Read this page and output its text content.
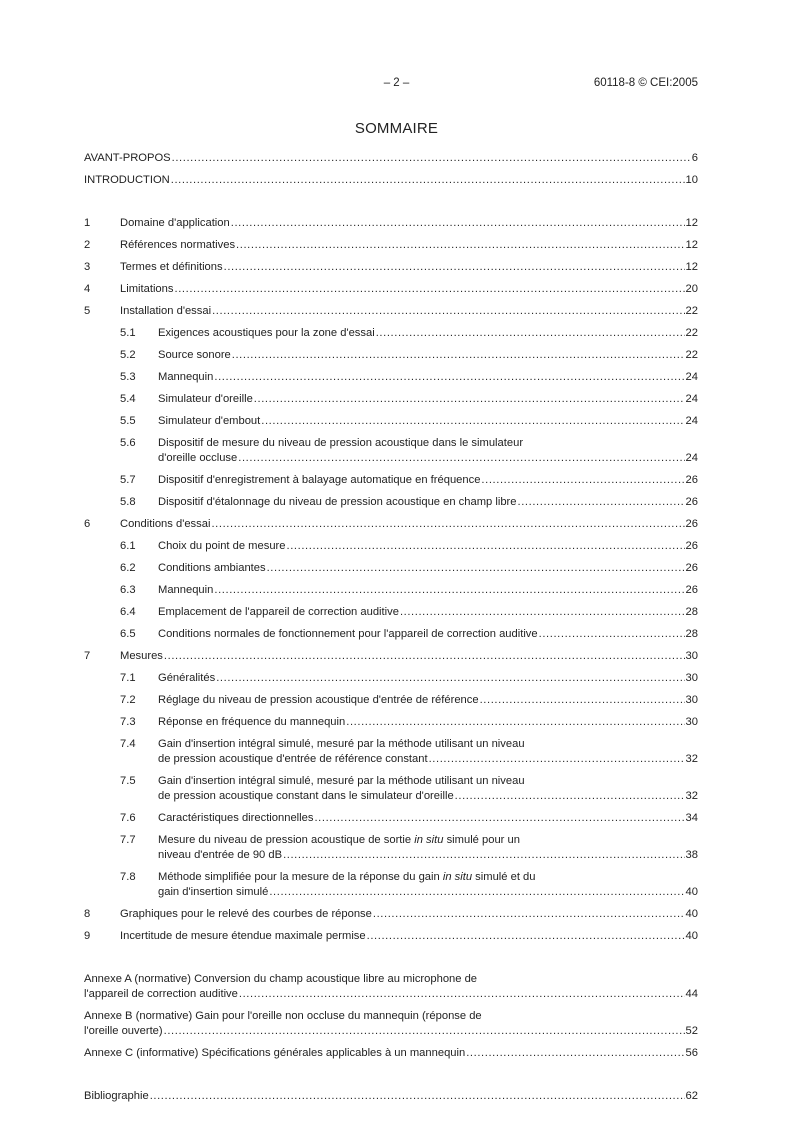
– 2 –	60118-8 © CEI:2005
SOMMAIRE
AVANT-PROPOS .....	6
INTRODUCTION .....	10
1	Domaine d'application .....	12
2	Références normatives .....	12
3	Termes et définitions .....	12
4	Limitations .....	20
5	Installation d'essai .....	22
5.1 Exigences acoustiques pour la zone d'essai .....	22
5.2 Source sonore .....	22
5.3 Mannequin .....	24
5.4 Simulateur d'oreille .....	24
5.5 Simulateur d'embout .....	24
5.6 Dispositif de mesure du niveau de pression acoustique dans le simulateur
d'oreille occluse .....	24
5.7 Dispositif d'enregistrement à balayage automatique en fréquence .....	26
5.8 Dispositif d'étalonnage du niveau de pression acoustique en champ libre .....	26
6	Conditions d'essai .....	26
6.1 Choix du point de mesure .....	26
6.2 Conditions ambiantes .....	26
6.3 Mannequin .....	26
6.4 Emplacement de l'appareil de correction auditive .....	28
6.5 Conditions normales de fonctionnement pour l'appareil de correction auditive .....	28
7	Mesures .....	30
7.1 Généralités .....	30
7.2 Réglage du niveau de pression acoustique d'entrée de référence .....	30
7.3 Réponse en fréquence du mannequin .....	30
7.4 Gain d'insertion intégral simulé, mesuré par la méthode utilisant un niveau
de pression acoustique d'entrée de référence constant .....	32
7.5 Gain d'insertion intégral simulé, mesuré par la méthode utilisant un niveau
de pression acoustique constant dans le simulateur d'oreille .....	32
7.6 Caractéristiques directionnelles .....	34
7.7 Mesure du niveau de pression acoustique de sortie in situ simulé pour un
niveau d'entrée de 90 dB .....	38
7.8 Méthode simplifiée pour la mesure de la réponse du gain in situ simulé et du
gain d'insertion simulé .....	40
8	Graphiques pour le relevé des courbes de réponse .....	40
9	Incertitude de mesure étendue maximale permise .....	40
Annexe A (normative) Conversion du champ acoustique libre au microphone de
l'appareil de correction auditive .....	44
Annexe B (normative) Gain pour l'oreille non occluse du mannequin (réponse de
l'oreille ouverte) .....	52
Annexe C (informative) Spécifications générales applicables à un mannequin .....	56
Bibliographie .....	62
